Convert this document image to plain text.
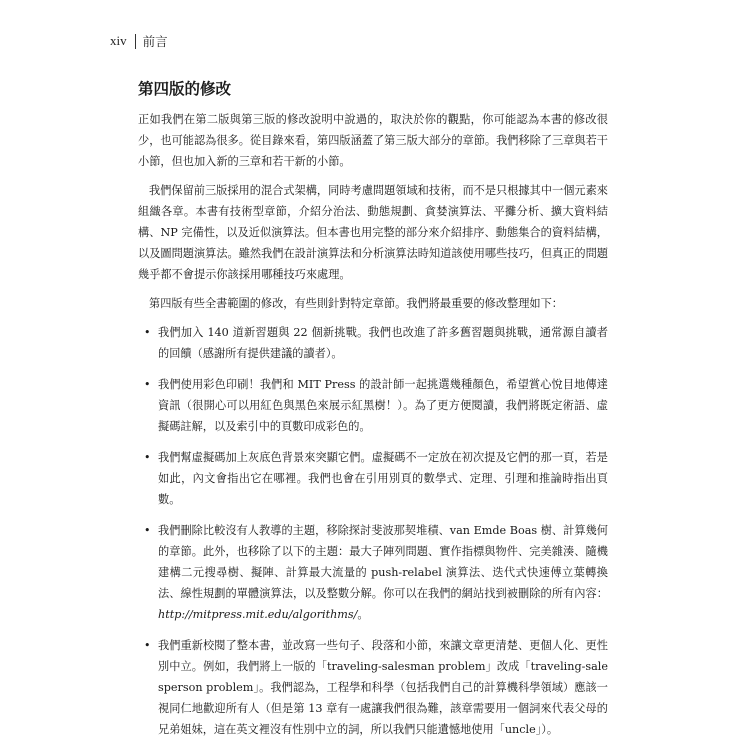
xiv 前言
第四版的修改

正如我們在第二版與第三版的修改說明中說過的，取決於你的觀點，你可能認為本書的修改很少，也可能認為很多。從目錄來看，第四版涵蓋了第三版大部分的章節。我們移除了三章與若干小節，但也加入新的三章和若干新的小節。

我們保留前三版採用的混合式架構，同時考慮問題領域和技術，而不是只根據其中一個元素來組織各章。本書有技術型章節，介紹分治法、動態規劃、貪婪演算法、平攤分析、擴大資料結構、NP 完備性，以及近似演算法。但本書也用完整的部分來介紹排序、動態集合的資料結構，以及圖問題演算法。雖然我們在設計演算法和分析演算法時知道該使用哪些技巧，但真正的問題幾乎都不會提示你該採用哪種技巧來處理。

第四版有些全書範圍的修改，有些則針對特定章節。我們將最重要的修改整理如下：

• 我們加入 140 道新習題與 22 個新挑戰。我們也改進了許多舊習題與挑戰，通常源自讀者的回饋（感謝所有提供建議的讀者）。
• 我們使用彩色印刷！我們和 MIT Press 的設計師一起挑選幾種顏色，希望賞心悅目地傳達資訊（很開心可以用紅色與黑色來展示紅黑樹！）。為了更方便閱讀，我們將既定術語、虛擬碼註解，以及索引中的頁數印成彩色的。
• 我們幫虛擬碼加上灰底色背景來突顯它們。虛擬碼不一定放在初次提及它們的那一頁，若是如此，內文會指出它在哪裡。我們也會在引用別頁的數學式、定理、引理和推論時指出頁數。
• 我們刪除比較沒有人教導的主題，移除探討斐波那契堆積、van Emde Boas 樹、計算幾何的章節。此外，也移除了以下的主題：最大子陣列問題、實作指標與物件、完美雜湊、隨機建構二元搜尋樹、擬陣、計算最大流量的 push-relabel 演算法、迭代式快速傅立葉轉換法、線性規劃的單體演算法，以及整數分解。你可以在我們的網站找到被刪除的所有內容：http://mitpress.mit.edu/algorithms/。
• 我們重新校閱了整本書，並改寫一些句子、段落和小節，來讓文章更清楚、更個人化、更性別中立。例如，我們將上一版的「traveling-salesman problem」改成「traveling-salesperson problem」。我們認為，工程學和科學（包括我們自己的計算機科學領域）應該一視同仁地歡迎所有人（但是第 13 章有一處讓我們很為難，該章需要用一個詞來代表父母的兄弟姐妹，這在英文裡沒有性別中立的詞，所以我們只能遺憾地使用「uncle」）。
